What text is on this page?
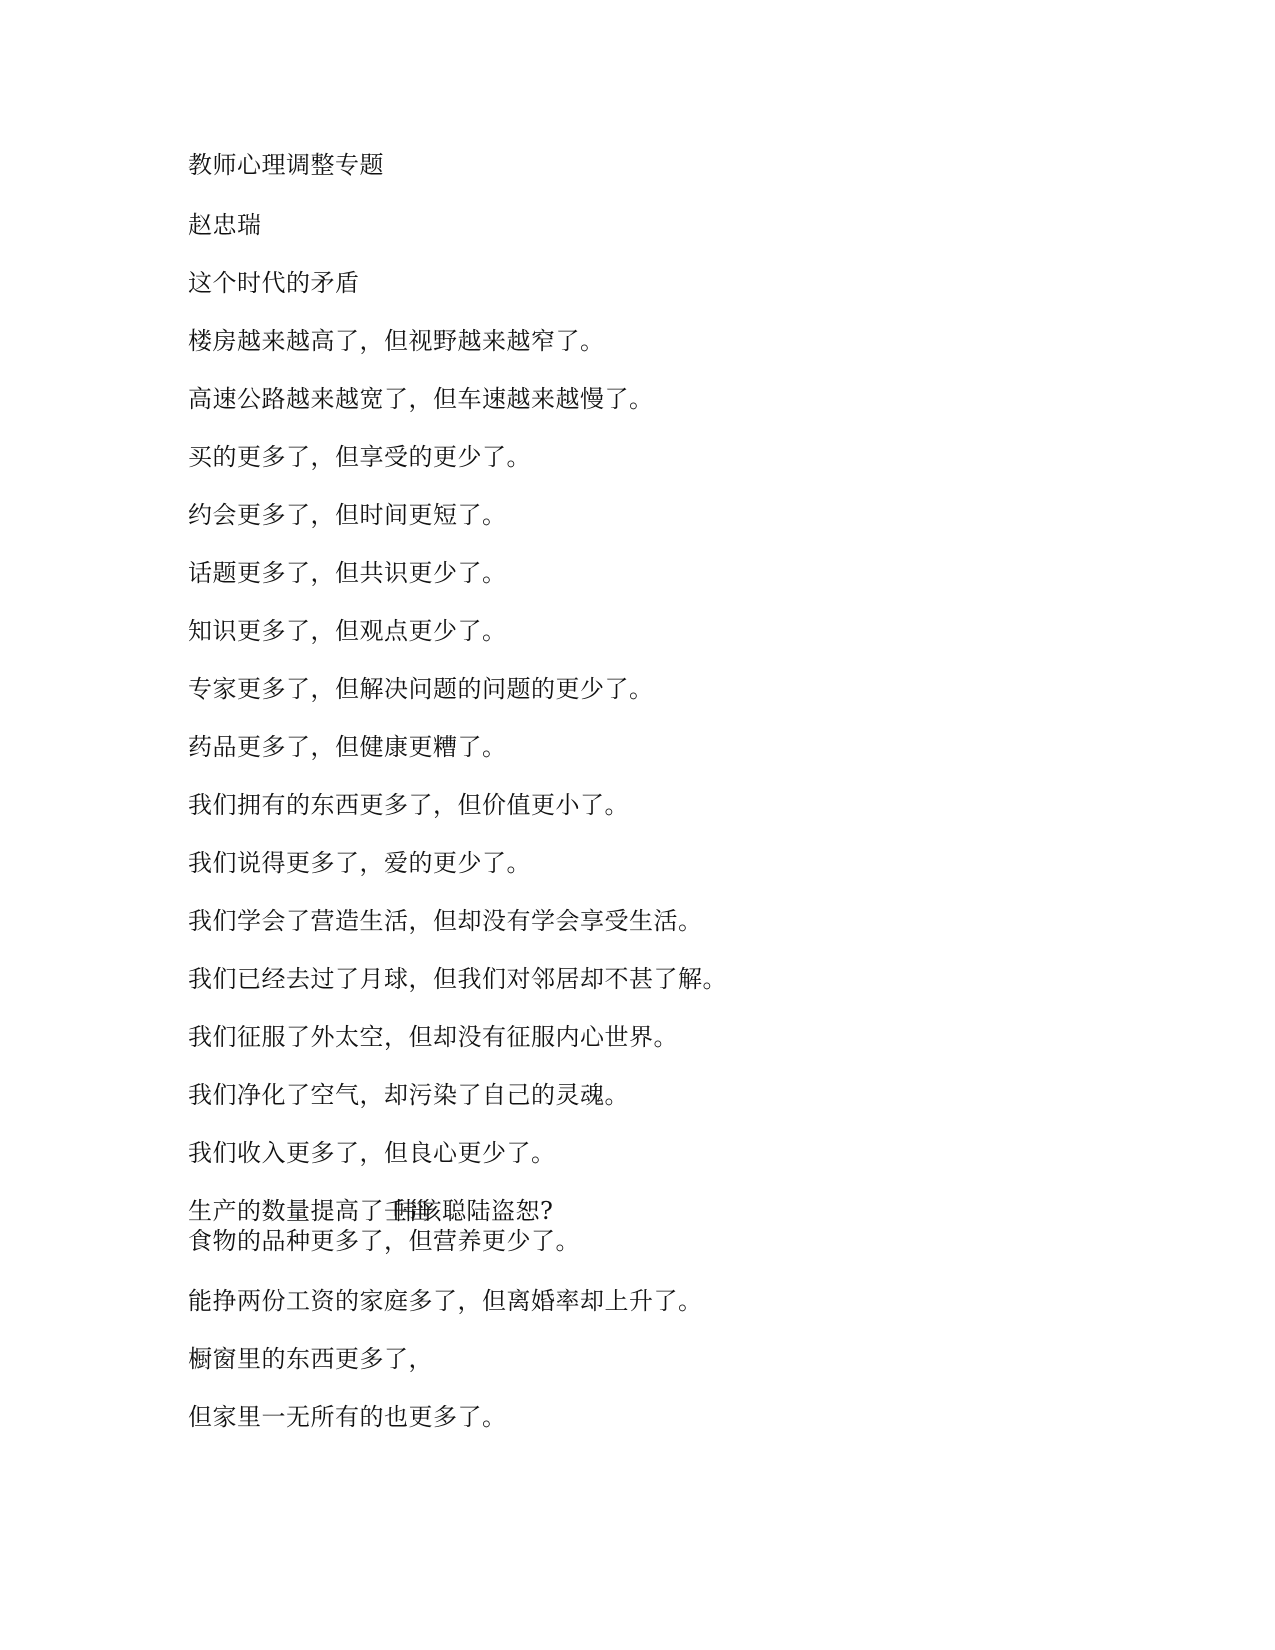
教师心理调整专题

赵忠瑞

这个时代的矛盾

楼房越来越高了，但视野越来越窄了。

高速公路越来越宽了，但车速越来越慢了。

买的更多了，但享受的更少了。

约会更多了，但时间更短了。

话题更多了，但共识更少了。

知识更多了，但观点更少了。

专家更多了，但解决问题的问题的更少了。

药品更多了，但健康更糟了。

我们拥有的东西更多了，但价值更小了。

我们说得更多了，爱的更少了。

我们学会了营造生活，但却没有学会享受生活。

我们已经去过了月球，但我们对邻居却不甚了解。

我们征服了外太空，但却没有征服内心世界。

我们净化了空气，却污染了自己的灵魂。

我们收入更多了，但良心更少了。

生产的数量提高了壬甾

帏咳聪陆盗恕?

食物的品种更多了，但营养更少了。

能挣两份工资的家庭多了，但离婚率却上升了。

橱窗里的东西更多了，

但家里一无所有的也更多了。
